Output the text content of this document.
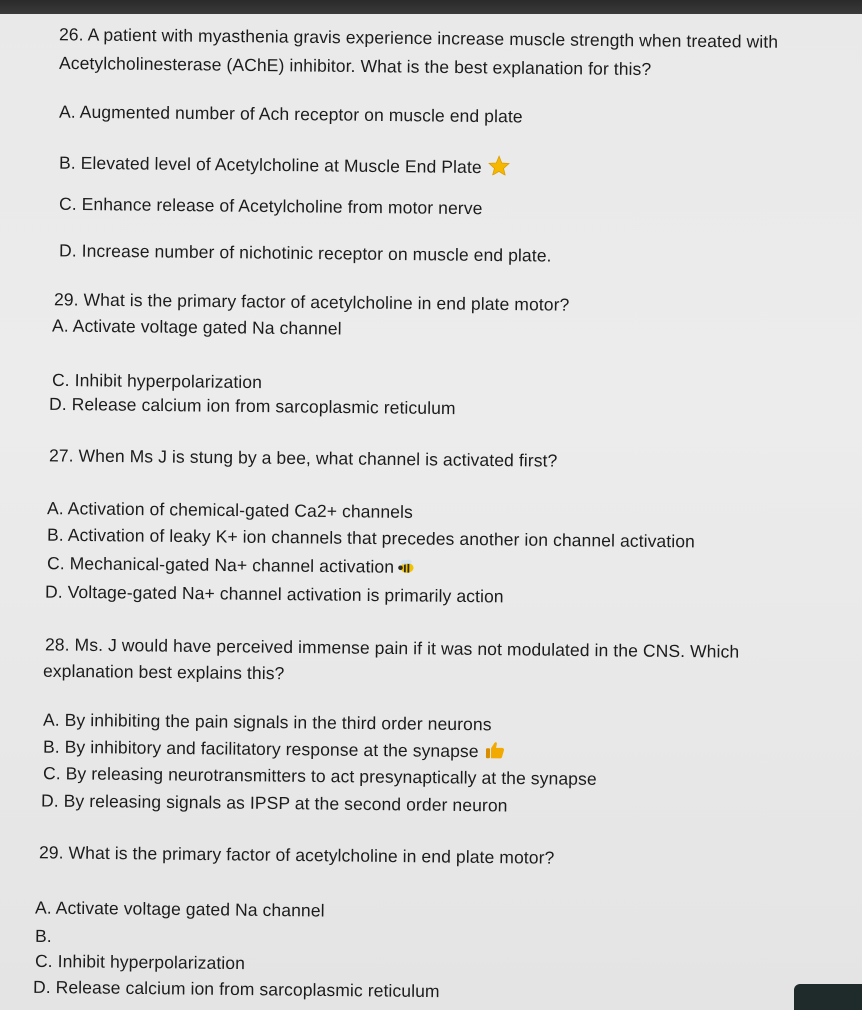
26. A patient with myasthenia gravis experience increase muscle strength when treated with
Acetylcholinesterase (AChE) inhibitor. What is the best explanation for this?
A. Augmented number of Ach receptor on muscle end plate
B. Elevated level of Acetylcholine at Muscle End Plate
C. Enhance release of Acetylcholine from motor nerve
D. Increase number of nichotinic receptor on muscle end plate.
29. What is the primary factor of acetylcholine in end plate motor?
A. Activate voltage gated Na channel
C. Inhibit hyperpolarization
D. Release calcium ion from sarcoplasmic reticulum
27. When Ms J is stung by a bee, what channel is activated first?
A. Activation of chemical-gated Ca2+ channels
B. Activation of leaky K+ ion channels that precedes another ion channel activation
C. Mechanical-gated Na+ channel activation
D. Voltage-gated Na+ channel activation is primarily action
28. Ms. J would have perceived immense pain if it was not modulated in the CNS. Which
explanation best explains this?
A. By inhibiting the pain signals in the third order neurons
B. By inhibitory and facilitatory response at the synapse
C. By releasing neurotransmitters to act presynaptically at the synapse
D. By releasing signals as IPSP at the second order neuron
29. What is the primary factor of acetylcholine in end plate motor?
A. Activate voltage gated Na channel
B.
C. Inhibit hyperpolarization
D. Release calcium ion from sarcoplasmic reticulum
